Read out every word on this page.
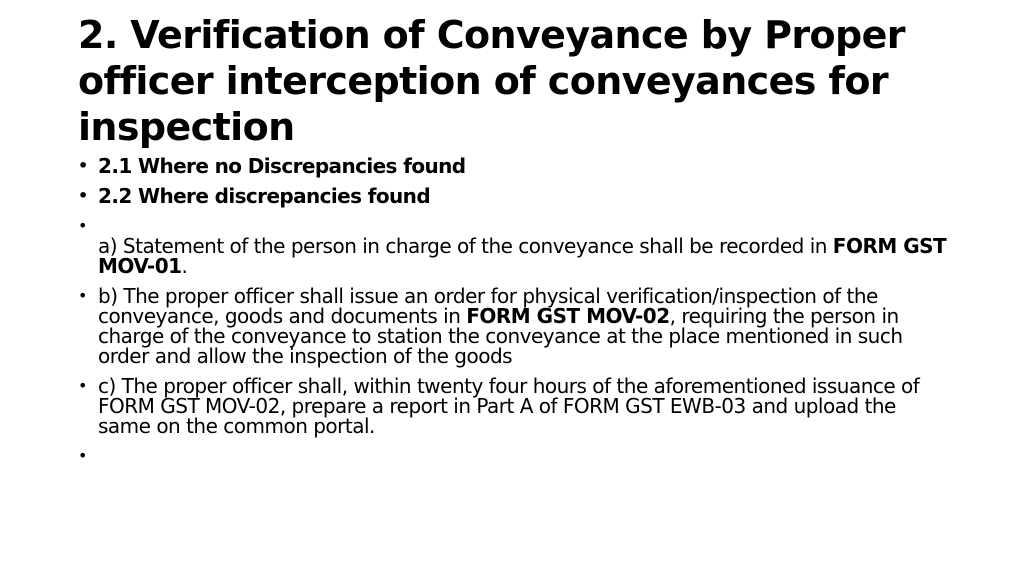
2. Verification of Conveyance by Proper officer interception of conveyances for inspection
• 2.1 Where no Discrepancies found
• 2.2 Where discrepancies found
• a) Statement of the person in charge of the conveyance shall be recorded in FORM GST MOV-01.
• b) The proper officer shall issue an order for physical verification/inspection of the conveyance, goods and documents in FORM GST MOV-02, requiring the person in charge of the conveyance to station the conveyance at the place mentioned in such order and allow the inspection of the goods
• c) The proper officer shall, within twenty four hours of the aforementioned issuance of FORM GST MOV-02, prepare a report in Part A of FORM GST EWB-03 and upload the same on the common portal.
•
